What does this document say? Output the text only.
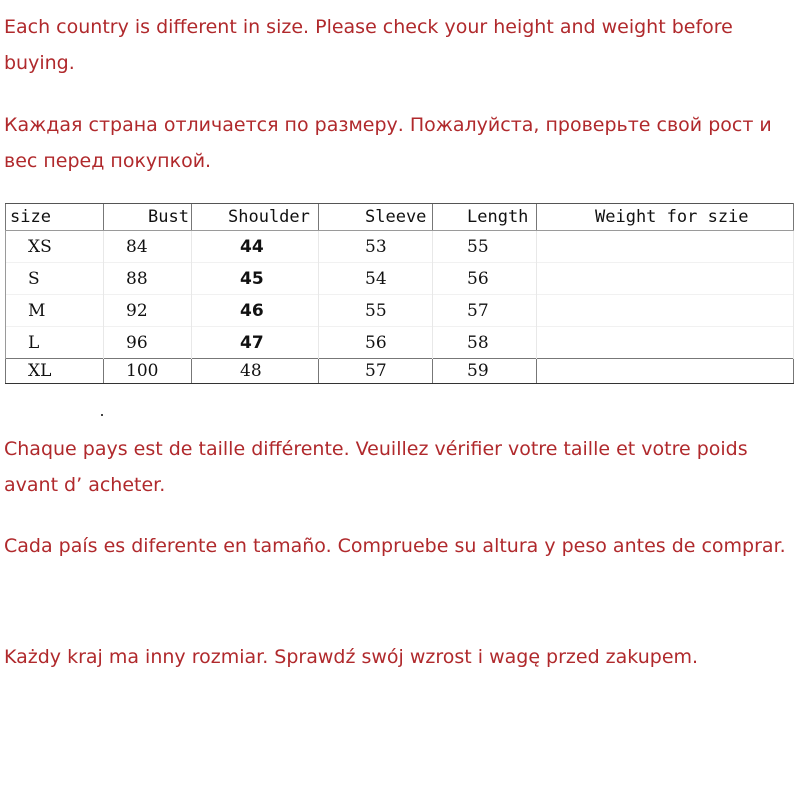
Each country is different in size. Please check your height and weight before buying.

Каждая страна отличается по размеру. Пожалуйста, проверьте свой рост и вес перед покупкой.

size	Bust	Shoulder	Sleeve	Length	Weight for szie
XS	84	44	53	55	
S	88	45	54	56	
M	92	46	55	57	
L	96	47	56	58	
XL	100	48	57	59	

Chaque pays est de taille différente. Veuillez vérifier votre taille et votre poids avant d’ acheter.

Cada país es diferente en tamaño. Compruebe su altura y peso antes de comprar.

Każdy kraj ma inny rozmiar. Sprawdź swój wzrost i wagę przed zakupem.
